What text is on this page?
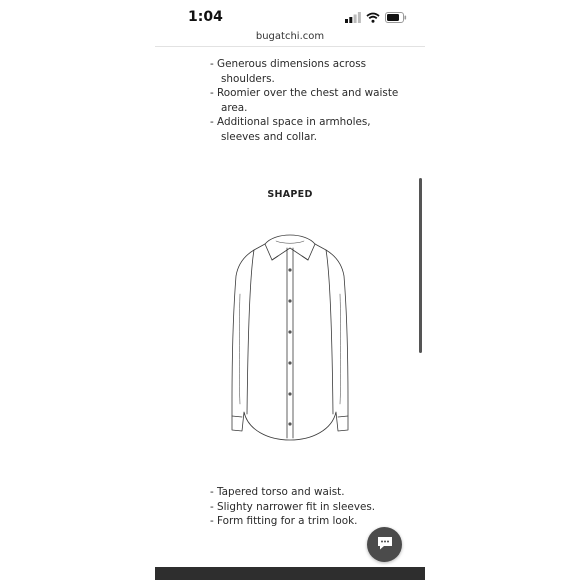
1:04
bugatchi.com
- Generous dimensions across shoulders.
- Roomier over the chest and waiste area.
- Additional space in armholes, sleeves and collar.
SHAPED
- Tapered torso and waist.
- Slighty narrower fit in sleeves.
- Form fitting for a trim look.
